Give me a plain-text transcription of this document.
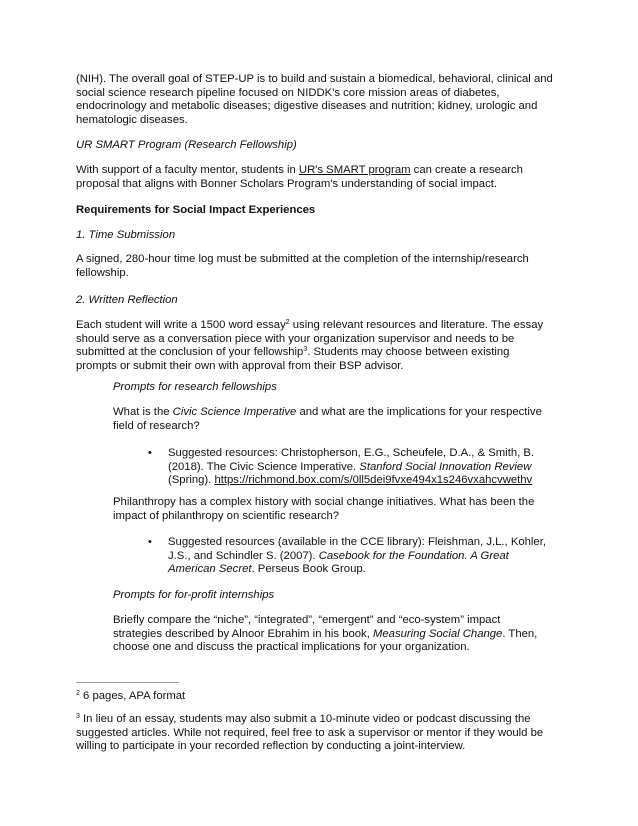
(NIH). The overall goal of STEP-UP is to build and sustain a biomedical, behavioral, clinical and
social science research pipeline focused on NIDDK's core mission areas of diabetes,
endocrinology and metabolic diseases; digestive diseases and nutrition; kidney, urologic and
hematologic diseases.

UR SMART Program (Research Fellowship)

With support of a faculty mentor, students in UR's SMART program can create a research
proposal that aligns with Bonner Scholars Program's understanding of social impact.

Requirements for Social Impact Experiences

1. Time Submission

A signed, 280-hour time log must be submitted at the completion of the internship/research
fellowship.

2. Written Reflection

Each student will write a 1500 word essay$^2$ using relevant resources and literature. The essay
should serve as a conversation piece with your organization supervisor and needs to be
submitted at the conclusion of your fellowship$^3$. Students may choose between existing
prompts or submit their own with approval from their BSP advisor.

Prompts for research fellowships

What is the Civic Science Imperative and what are the implications for your respective
field of research?

• Suggested resources: Christopherson, E.G., Scheufele, D.A., & Smith, B.
(2018). The Civic Science Imperative. Stanford Social Innovation Review
(Spring). https://richmond.box.com/s/0ll5dei9fvxe494x1s246vxahcvwethv

Philanthropy has a complex history with social change initiatives. What has been the
impact of philanthropy on scientific research?

• Suggested resources (available in the CCE library): Fleishman, J.L., Kohler,
J.S., and Schindler S. (2007). Casebook for the Foundation. A Great
American Secret. Perseus Book Group.

Prompts for for-profit internships

Briefly compare the “niche”, “integrated”, “emergent” and “eco-system” impact
strategies described by Alnoor Ebrahim in his book, Measuring Social Change. Then,
choose one and discuss the practical implications for your organization.

$^2$ 6 pages, APA format

$^3$ In lieu of an essay, students may also submit a 10-minute video or podcast discussing the
suggested articles. While not required, feel free to ask a supervisor or mentor if they would be
willing to participate in your recorded reflection by conducting a joint-interview.
